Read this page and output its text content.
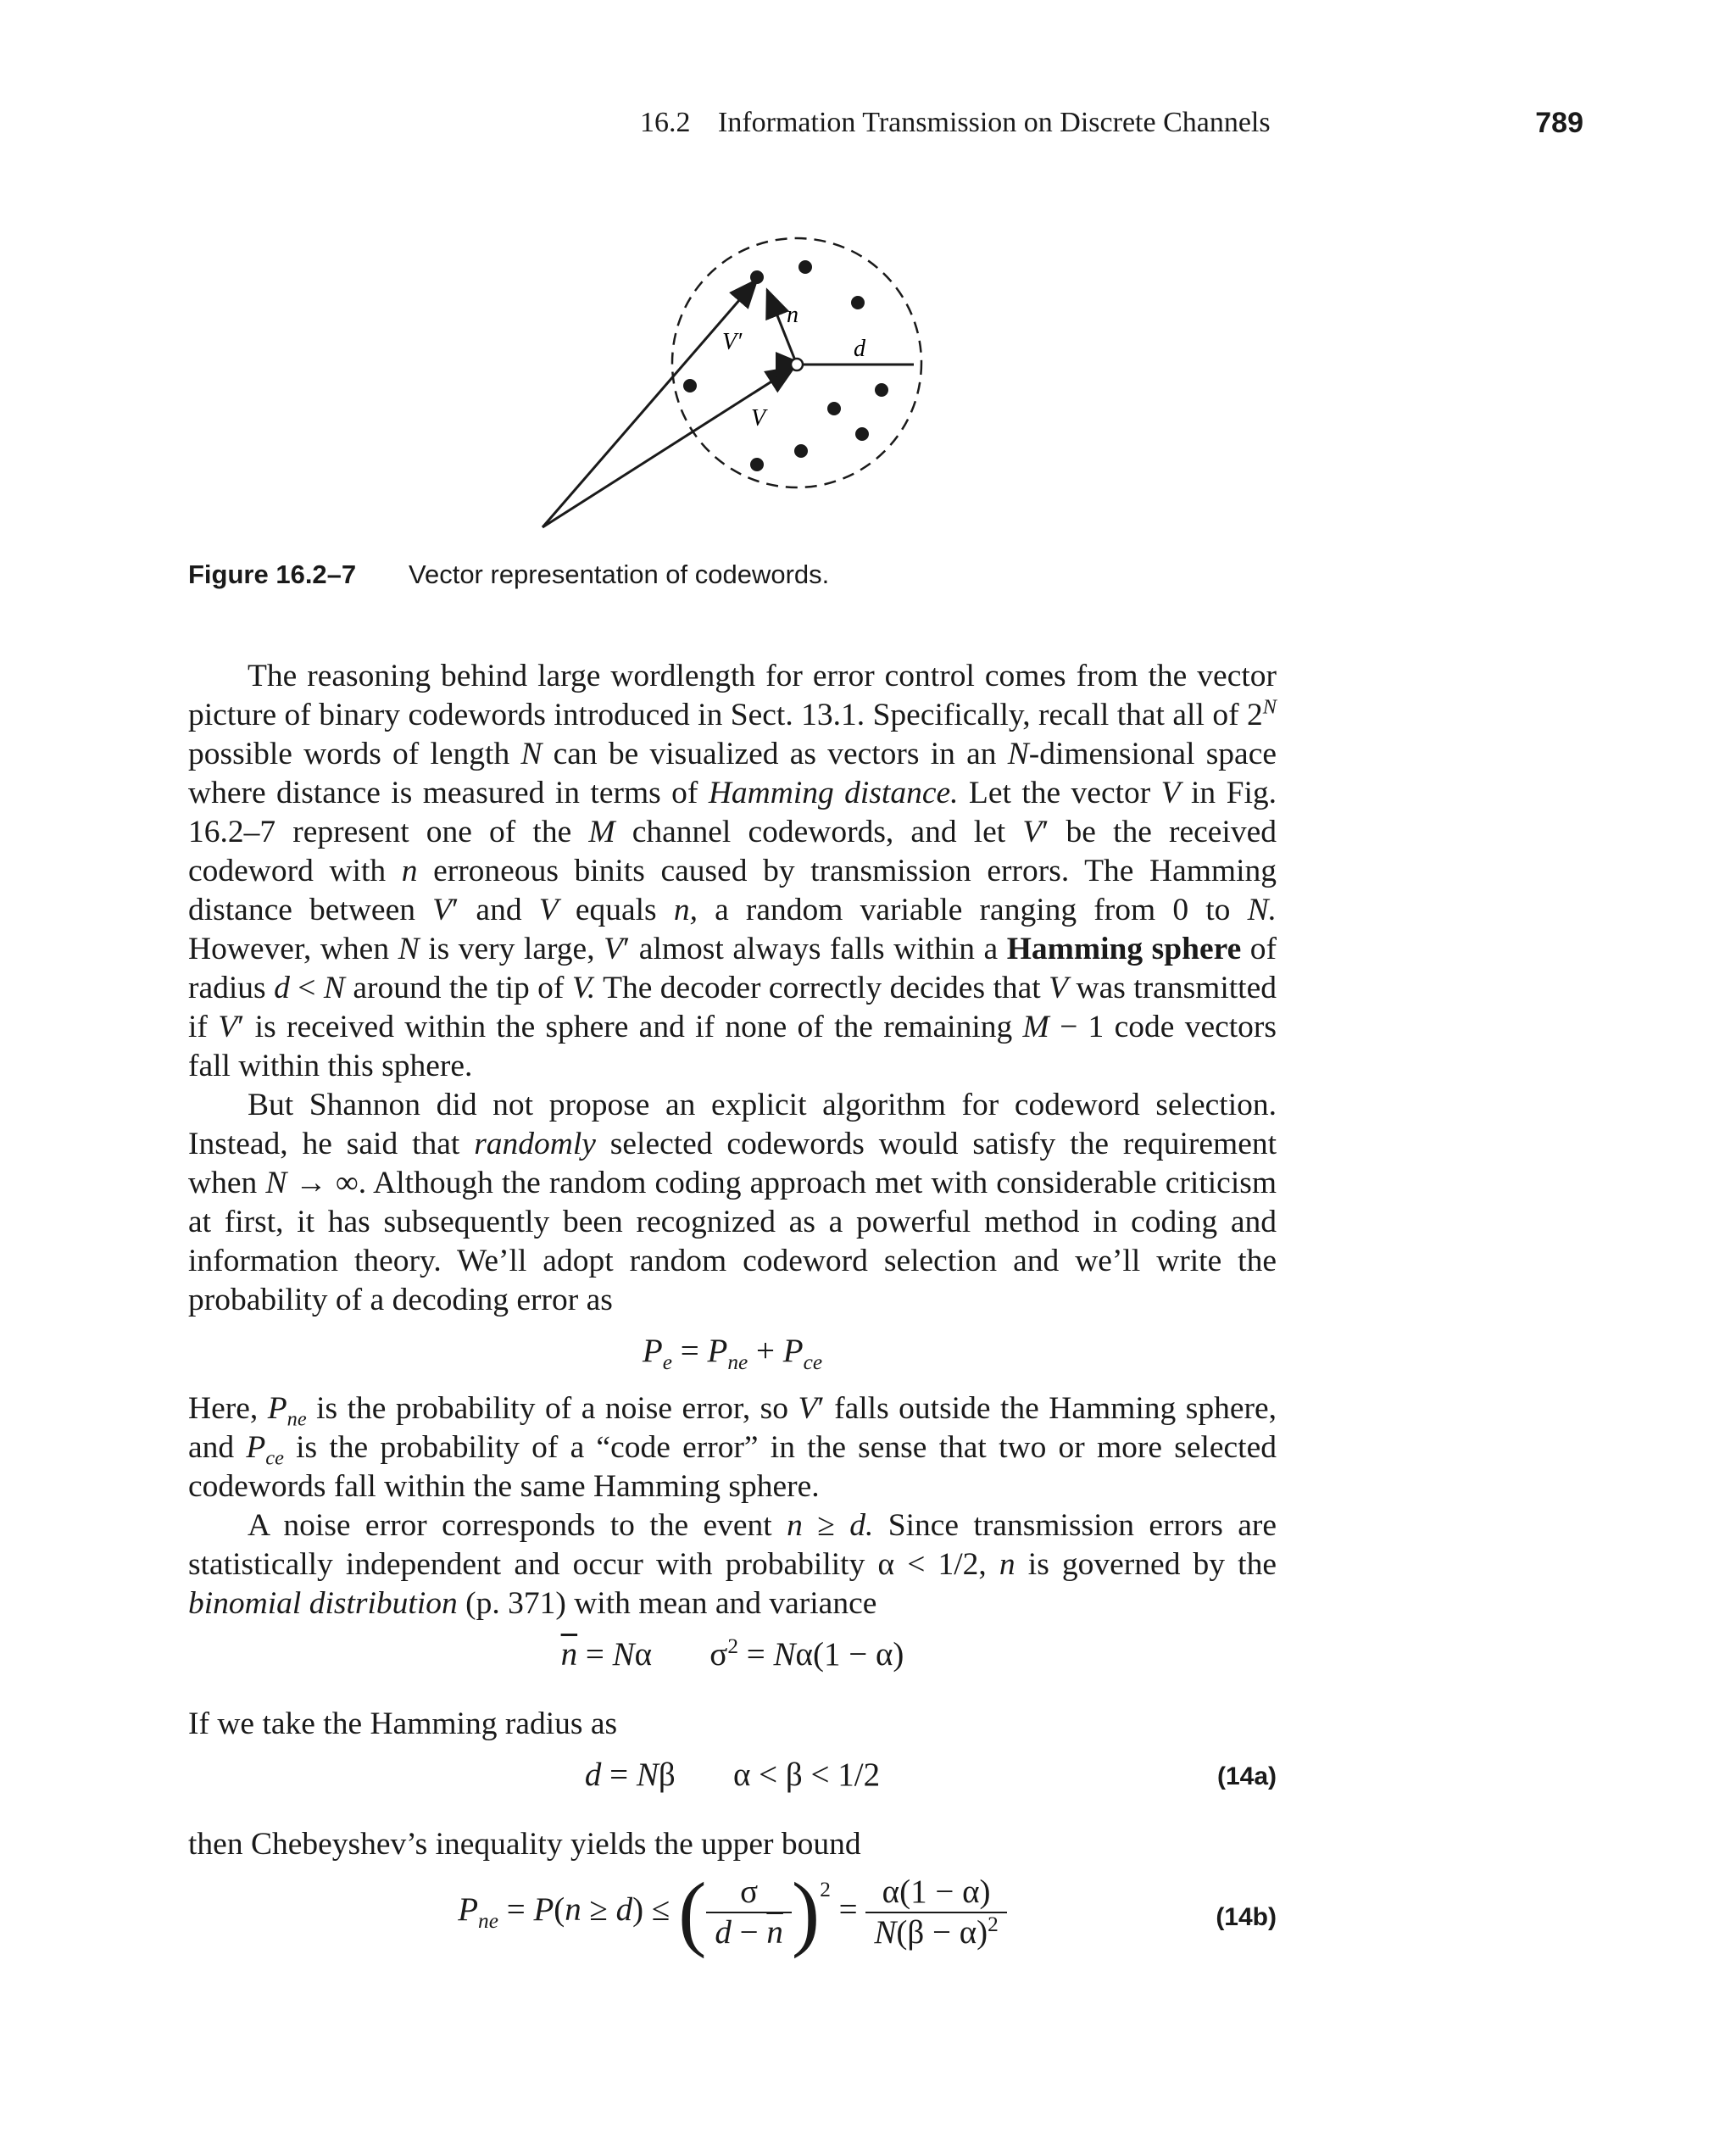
16.2 Information Transmission on Discrete Channels	789
n
d
V′
V
Figure 16.2–7 Vector representation of codewords.

The reasoning behind large wordlength for error control comes from the vector picture of binary codewords introduced in Sect. 13.1. Specifically, recall that all of $2^N$ possible words of length N can be visualized as vectors in an N-dimensional space where distance is measured in terms of Hamming distance. Let the vector V in Fig. 16.2–7 represent one of the M channel codewords, and let V′ be the received codeword with n erroneous binits caused by transmission errors. The Hamming distance between V′ and V equals n, a random variable ranging from 0 to N. However, when N is very large, V′ almost always falls within a Hamming sphere of radius d < N around the tip of V. The decoder correctly decides that V was transmitted if V′ is received within the sphere and if none of the remaining M − 1 code vectors fall within this sphere.

But Shannon did not propose an explicit algorithm for codeword selection. Instead, he said that randomly selected codewords would satisfy the requirement when N → ∞. Although the random coding approach met with considerable criticism at first, it has subsequently been recognized as a powerful method in coding and information theory. We’ll adopt random codeword selection and we’ll write the probability of a decoding error as

$P_e = P_{ne} + P_{ce}$

Here, $P_{ne}$ is the probability of a noise error, so V′ falls outside the Hamming sphere, and $P_{ce}$ is the probability of a “code error” in the sense that two or more selected codewords fall within the same Hamming sphere.

A noise error corresponds to the event n ≥ d. Since transmission errors are statistically independent and occur with probability α < 1/2, n is governed by the binomial distribution (p. 371) with mean and variance

$\overline{n} = N\alpha$       $\sigma^2 = N\alpha(1 - \alpha)$

If we take the Hamming radius as

d = Nβ       α < β < 1/2	(14a)

then Chebeyshev’s inequality yields the upper bound

$P_{ne} = P(n \ge d)$ ≤ ( $\frac{\sigma}{d - \overline{n}} )^2 = \frac{\alpha(1 - \alpha)}{N(\beta - \alpha)^2}$	(14b)
